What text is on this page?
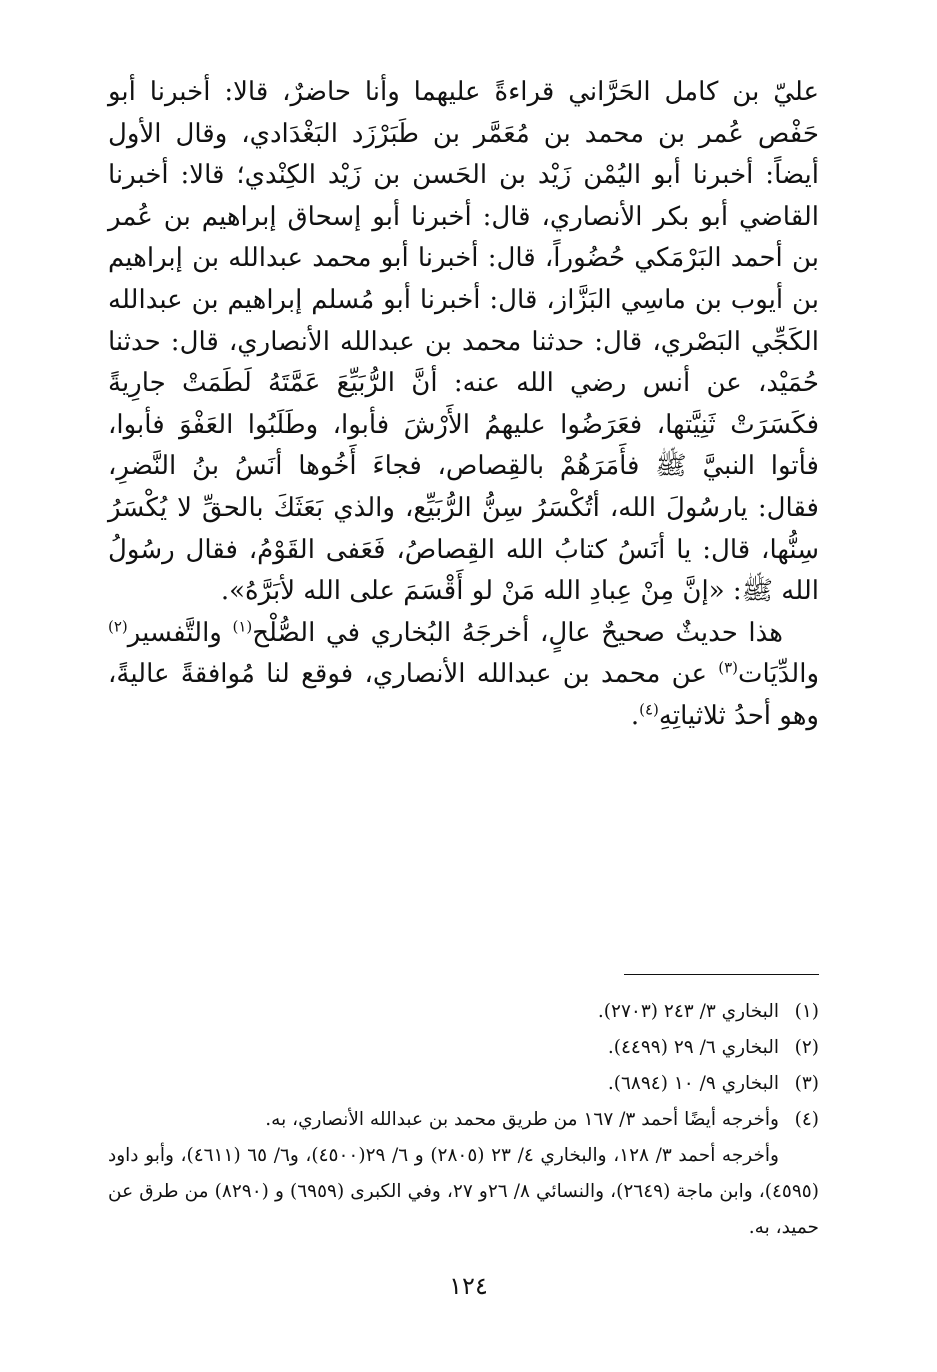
عليّ بن كامل الحَرَّاني قراءةً عليهما وأنا حاضرٌ، قالا: أخبرنا أبو حَفْص عُمر بن محمد بن مُعَمَّر بن طَبَرْزَد البَغْدَادي، وقال الأول أيضاً: أخبرنا أبو اليُمْن زَيْد بن الحَسن بن زَيْد الكِنْدي؛ قالا: أخبرنا القاضي أبو بكر الأنصاري، قال: أخبرنا أبو إسحاق إبراهيم بن عُمر بن أحمد البَرْمَكي حُضُوراً، قال: أخبرنا أبو محمد عبدالله بن إبراهيم بن أيوب بن ماسِي البَزَّاز، قال: أخبرنا أبو مُسلم إبراهيم بن عبدالله الكَجِّي البَصْري، قال: حدثنا محمد بن عبدالله الأنصاري، قال: حدثنا حُمَيْد، عن أنس رضي الله عنه: أنَّ الرُّبَيِّعَ عَمَّتَهُ لَطَمَتْ جارِيةً فكَسَرَتْ ثَنِيَّتها، فعَرَضُوا عليهمُ الأَرْشَ فأبوا، وطَلَبُوا العَفْوَ فأبوا، فأتوا النبيَّ ﷺ فأَمَرَهُمْ بالقِصاص، فجاءَ أَخُوها أنَسُ بنُ النَّضرِ، فقال: يارسُولَ الله، أتُكْسَرُ سِنُّ الرُّبَيِّع، والذي بَعَثَكَ بالحقِّ لا يُكْسَرُ سِنُّها، قال: يا أنَسُ كتابُ الله القِصاصُ، فَعَفى القَوْمُ، فقال رسُولُ الله ﷺ: «إنَّ مِنْ عِبادِ الله مَنْ لو أَقْسَمَ على الله لأبَرَّهُ».

هذا حديثٌ صحيحٌ عالٍ، أخرجَهُ البُخاري في الصُّلْح$^{(١)}$ والتَّفسير$^{(٢)}$ والدِّيَات$^{(٣)}$ عن محمد بن عبدالله الأنصاري، فوقع لنا مُوافقةً عاليةً، وهو أحدُ ثلاثياتِهِ$^{(٤)}$.

(١)البخاري ٣/ ٢٤٣ (٢٧٠٣).

(٢)البخاري ٦/ ٢٩ (٤٤٩٩).

(٣)البخاري ٩/ ١٠ (٦٨٩٤).

(٤)وأخرجه أيضًا أحمد ٣/ ١٦٧ من طريق محمد بن عبدالله الأنصاري، به.

وأخرجه أحمد ٣/ ١٢٨، والبخاري ٤/ ٢٣ (٢٨٠٥) و ٦/ ٢٩(٤٥٠٠)، و٦/ ٦٥ (٤٦١١)، وأبو داود (٤٥٩٥)، وابن ماجة (٢٦٤٩)، والنسائي ٨/ ٢٦و ٢٧، وفي الكبرى (٦٩٥٩) و (٨٢٩٠) من طرق عن حميد، به.

١٢٤
